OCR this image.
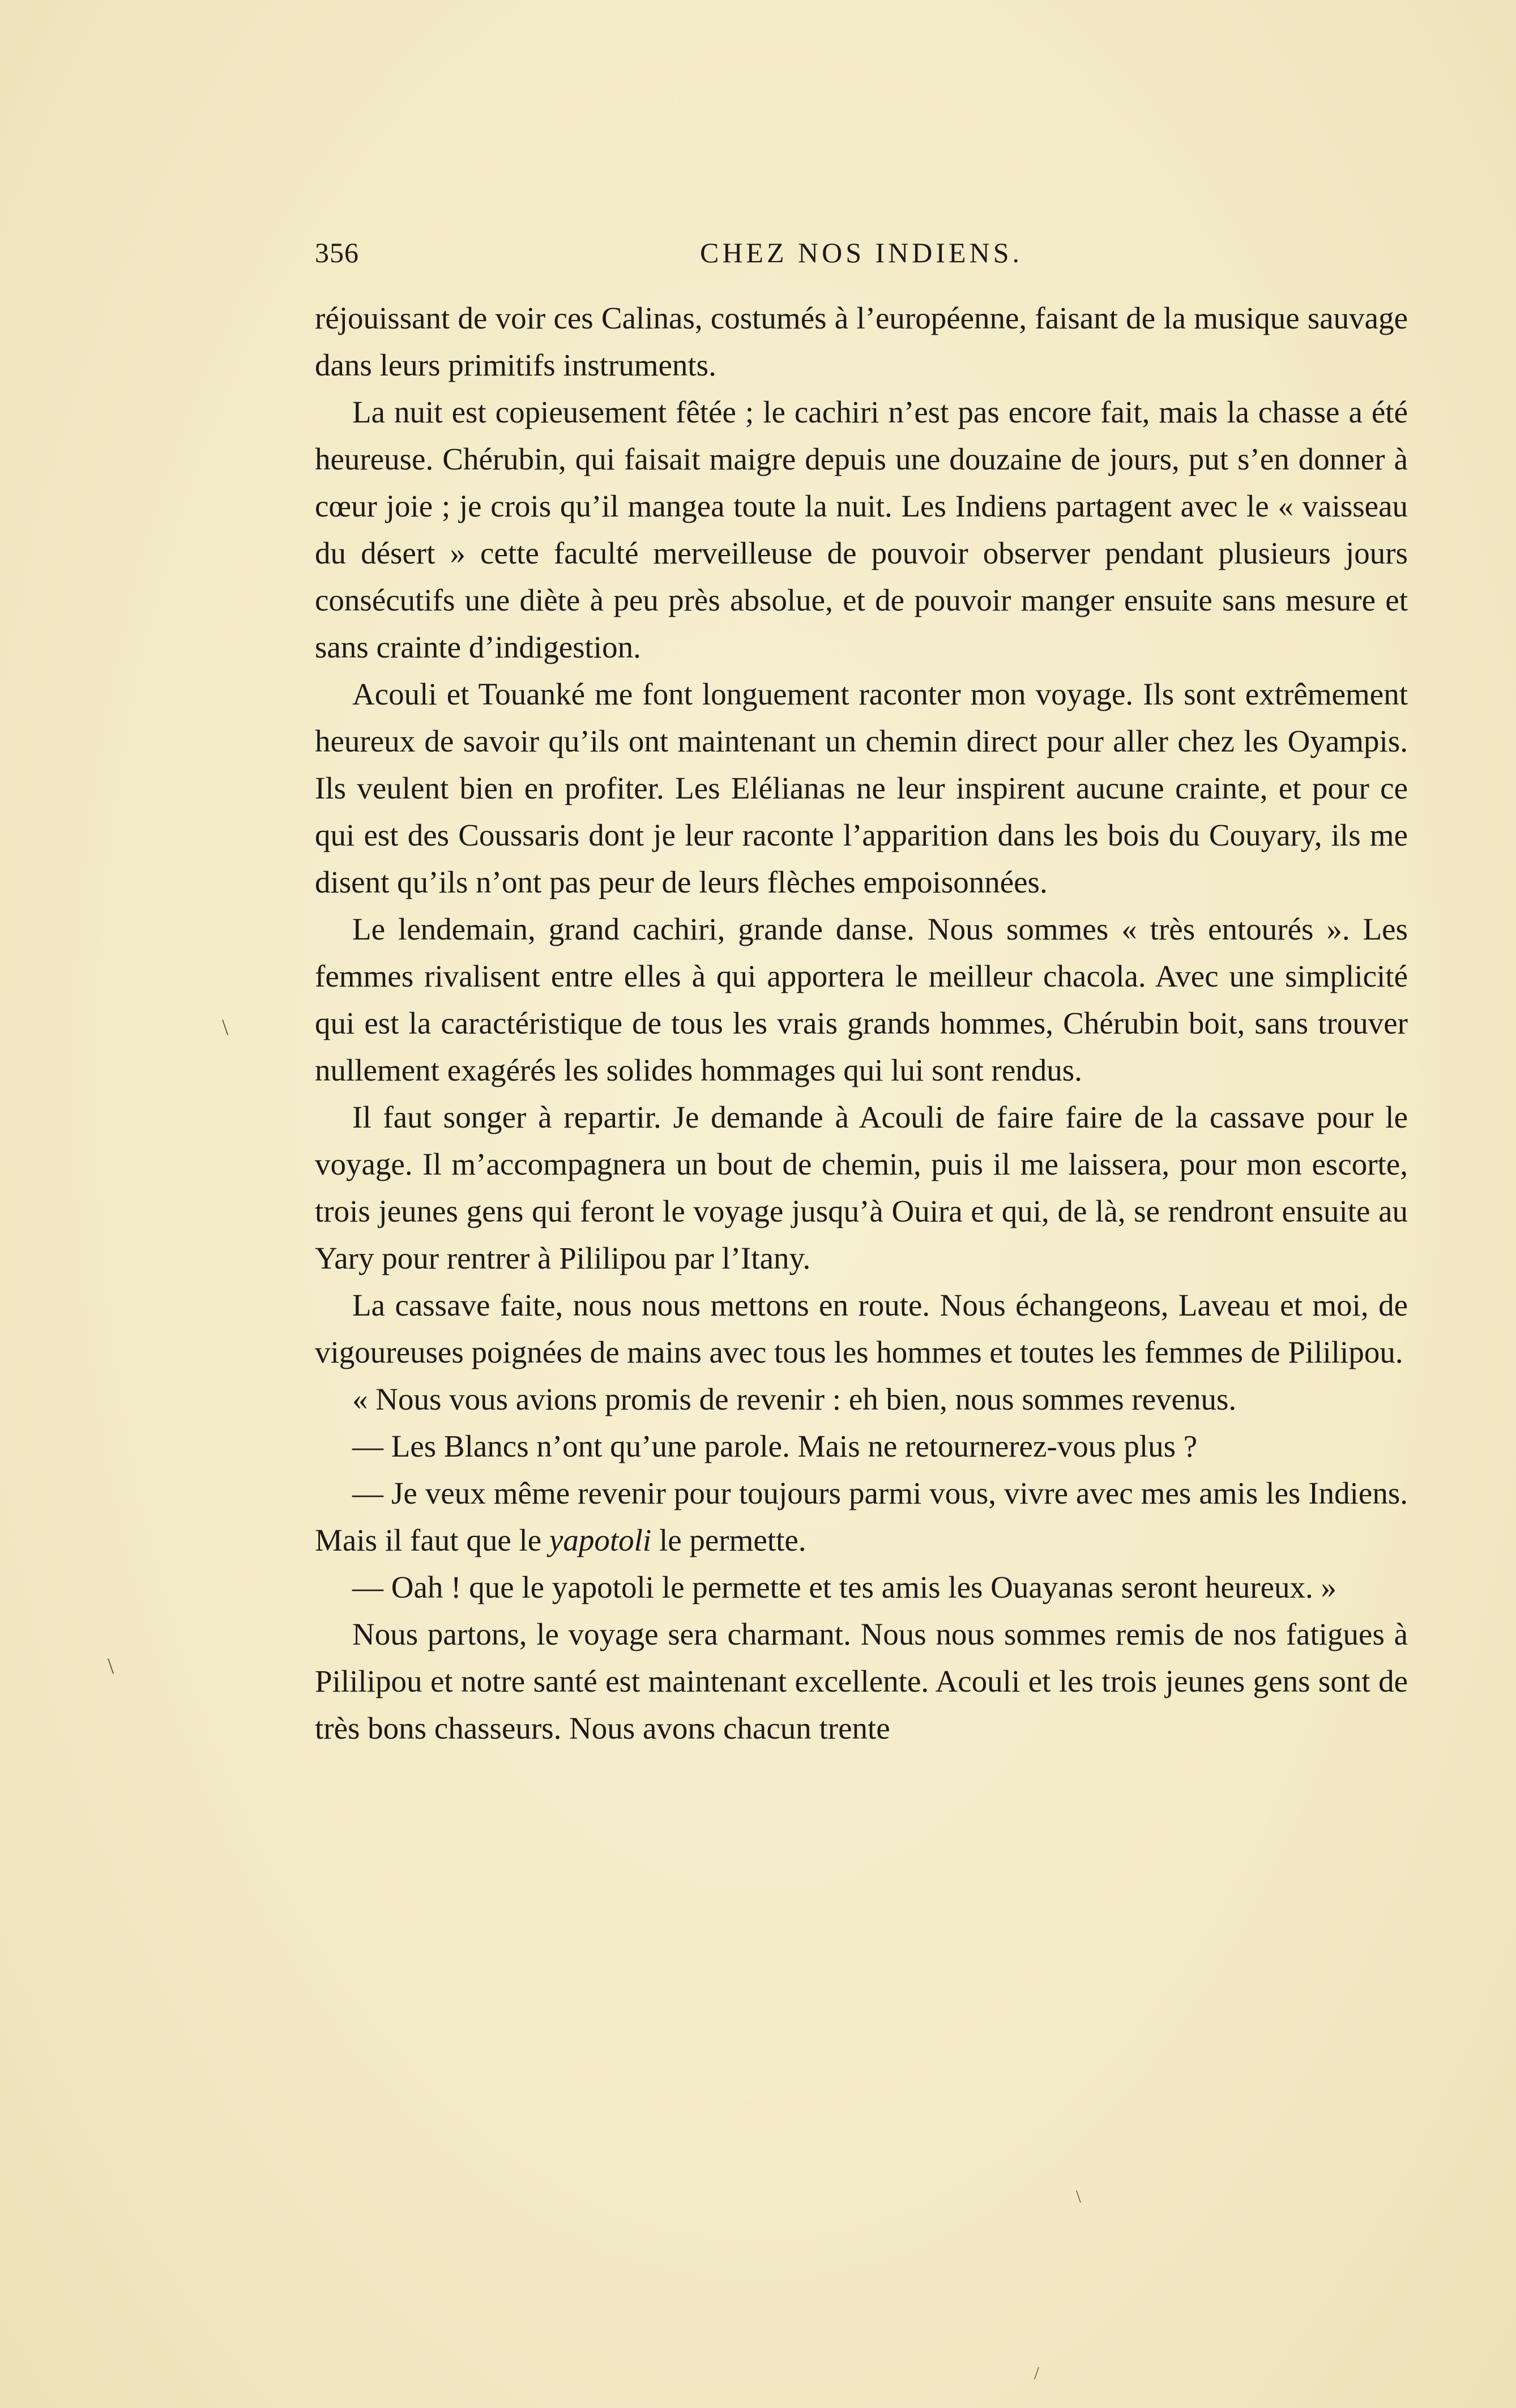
356	CHEZ NOS INDIENS.

réjouissant de voir ces Calinas, costumés à l’européenne, faisant de la musique sauvage dans leurs primitifs instruments.

La nuit est copieusement fêtée ; le cachiri n’est pas encore fait, mais la chasse a été heureuse. Chérubin, qui faisait maigre depuis une douzaine de jours, put s’en donner à cœur joie ; je crois qu’il mangea toute la nuit. Les Indiens partagent avec le « vaisseau du désert » cette faculté merveilleuse de pouvoir observer pendant plusieurs jours consécutifs une diète à peu près absolue, et de pouvoir manger ensuite sans mesure et sans crainte d’indigestion.

Acouli et Touanké me font longuement raconter mon voyage. Ils sont extrêmement heureux de savoir qu’ils ont maintenant un chemin direct pour aller chez les Oyampis. Ils veulent bien en profiter. Les Elélianas ne leur inspirent aucune crainte, et pour ce qui est des Coussaris dont je leur raconte l’apparition dans les bois du Couyary, ils me disent qu’ils n’ont pas peur de leurs flèches empoisonnées.

Le lendemain, grand cachiri, grande danse. Nous sommes « très entourés ». Les femmes rivalisent entre elles à qui apportera le meilleur chacola. Avec une simplicité qui est la caractéristique de tous les vrais grands hommes, Chérubin boit, sans trouver nullement exagérés les solides hommages qui lui sont rendus.

Il faut songer à repartir. Je demande à Acouli de faire faire de la cassave pour le voyage. Il m’accompagnera un bout de chemin, puis il me laissera, pour mon escorte, trois jeunes gens qui feront le voyage jusqu’à Ouira et qui, de là, se rendront ensuite au Yary pour rentrer à Pililipou par l’Itany.

La cassave faite, nous nous mettons en route. Nous échangeons, Laveau et moi, de vigoureuses poignées de mains avec tous les hommes et toutes les femmes de Pililipou.

« Nous vous avions promis de revenir : eh bien, nous sommes revenus.

— Les Blancs n’ont qu’une parole. Mais ne retournerez-vous plus ?

— Je veux même revenir pour toujours parmi vous, vivre avec mes amis les Indiens. Mais il faut que le yapotoli le permette.

— Oah ! que le yapotoli le permette et tes amis les Ouayanas seront heureux. »

Nous partons, le voyage sera charmant. Nous nous sommes remis de nos fatigues à Pililipou et notre santé est maintenant excellente. Acouli et les trois jeunes gens sont de très bons chasseurs. Nous avons chacun trente

\
\
\
/
